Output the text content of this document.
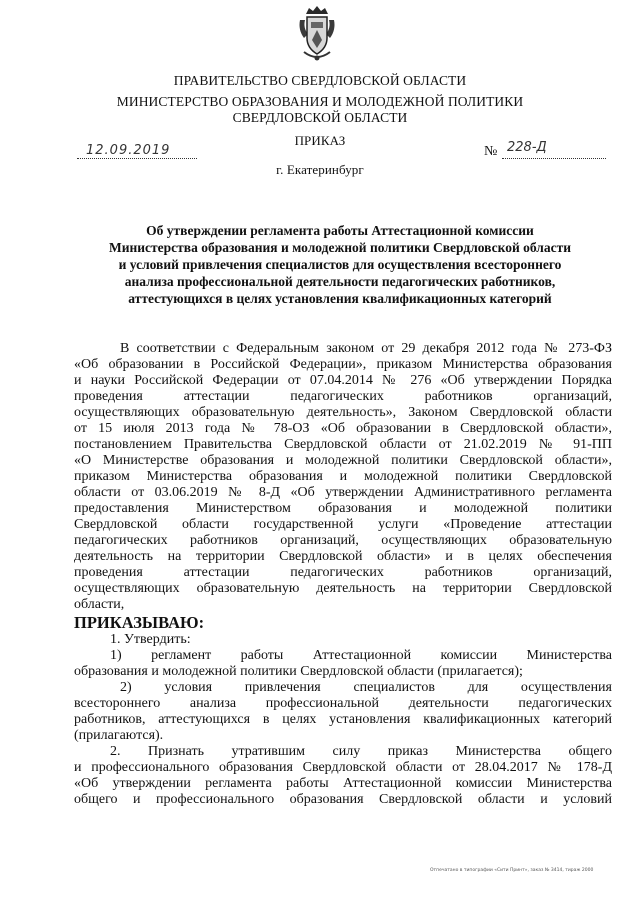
ПРАВИТЕЛЬСТВО СВЕРДЛОВСКОЙ ОБЛАСТИ
МИНИСТЕРСТВО ОБРАЗОВАНИЯ И МОЛОДЕЖНОЙ ПОЛИТИКИ
СВЕРДЛОВСКОЙ ОБЛАСТИ
ПРИКАЗ
12.09.2019	№ 228-Д
г. Екатеринбург
Об утверждении регламента работы Аттестационной комиссии
Министерства образования и молодежной политики Свердловской области
и условий привлечения специалистов для осуществления всестороннего
анализа профессиональной деятельности педагогических работников,
аттестующихся в целях установления квалификационных категорий
В соответствии с Федеральным законом от 29 декабря 2012 года № 273-ФЗ
«Об образовании в Российской Федерации», приказом Министерства образования
и науки Российской Федерации от 07.04.2014 № 276 «Об утверждении Порядка
проведения аттестации педагогических работников организаций,
осуществляющих образовательную деятельность», Законом Свердловской области
от 15 июля 2013 года № 78-ОЗ «Об образовании в Свердловской области»,
постановлением Правительства Свердловской области от 21.02.2019 № 91-ПП
«О Министерстве образования и молодежной политики Свердловской области»,
приказом Министерства образования и молодежной политики Свердловской
области от 03.06.2019 № 8-Д «Об утверждении Административного регламента
предоставления Министерством образования и молодежной политики
Свердловской области государственной услуги «Проведение аттестации
педагогических работников организаций, осуществляющих образовательную
деятельность на территории Свердловской области» и в целях обеспечения
проведения аттестации педагогических работников организаций,
осуществляющих образовательную деятельность на территории Свердловской
области,
ПРИКАЗЫВАЮ:
1. Утвердить:
1) регламент работы Аттестационной комиссии Министерства
образования и молодежной политики Свердловской области (прилагается);
2) условия привлечения специалистов для осуществления
всестороннего анализа профессиональной деятельности педагогических
работников, аттестующихся в целях установления квалификационных категорий
(прилагаются).
2. Признать утратившим силу приказ Министерства общего
и профессионального образования Свердловской области от 28.04.2017 № 178-Д
«Об утверждении регламента работы Аттестационной комиссии Министерства
общего и профессионального образования Свердловской области и условий
Отпечатано в типографии «Сити Принт», заказ № 3414, тираж 2000
